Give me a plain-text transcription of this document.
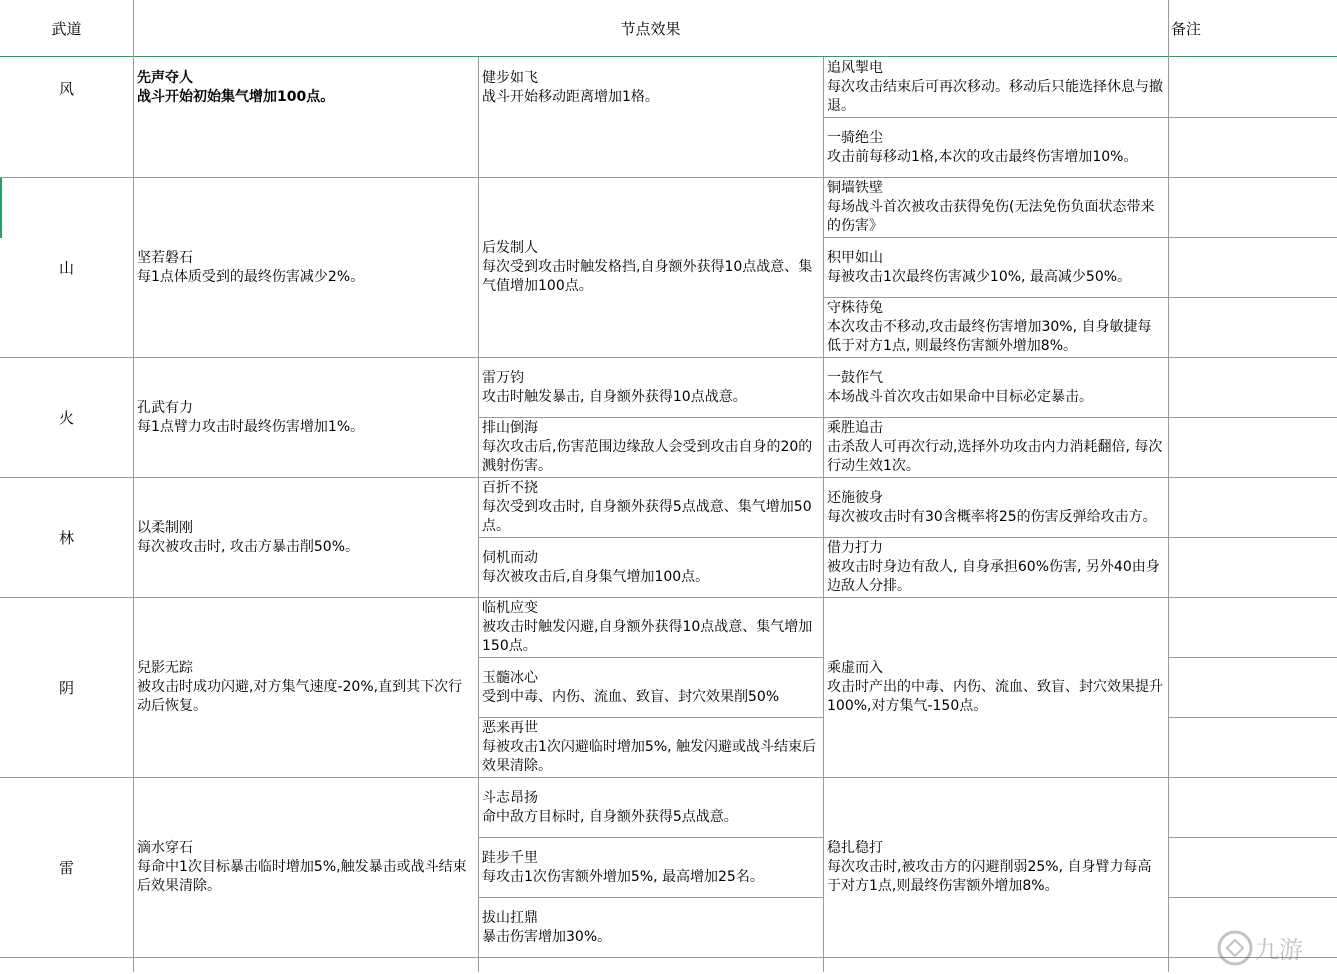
武道	节点效果	备注
风
山
火
林
阴
雷
先声夺人
战斗开始初始集气增加100点。
健步如飞
战斗开始移动距离增加1格。
追风掣电
每次攻击结束后可再次移动。移动后只能选择休息与撤退。
一骑绝尘
攻击前每移动1格,本次的攻击最终伤害增加10%。
坚若磐石
每1点体质受到的最终伤害减少2%。
后发制人
每次受到攻击时触发格挡,自身额外获得10点战意、集气值增加100点。
铜墙铁壁
每场战斗首次被攻击获得免伤(无法免伤负面状态带来的伤害》
积甲如山
每被攻击1次最终伤害减少10%, 最高减少50%。
守株待兔
本次攻击不移动,攻击最终伤害增加30%, 自身敏捷每低于对方1点, 则最终伤害额外增加8%。
孔武有力
每1点臂力攻击时最终伤害增加1%。
雷万钧
攻击时触发暴击, 自身额外获得10点战意。
排山倒海
每次攻击后,伤害范围边缘敌人会受到攻击自身的20的溅射伤害。
一鼓作气
本场战斗首次攻击如果命中目标必定暴击。
乘胜追击
击杀敌人可再次行动,选择外功攻击内力消耗翻倍, 每次行动生效1次。
以柔制刚
每次被攻击时, 攻击方暴击削50%。
百折不挠
每次受到攻击时, 自身额外获得5点战意、集气增加50点。
伺机而动
每次被攻击后,自身集气增加100点。
还施彼身
每次被攻击时有30含概率将25的伤害反弹给攻击方。
借力打力
被攻击时身边有敌人, 自身承担60%伤害, 另外40由身边敌人分排。
兒影无踪
被攻击时成功闪避,对方集气速度-20%,直到其下次行动后恢复。
临机应变
被攻击时触发闪避,自身额外获得10点战意、集气增加150点。
玉髓冰心
受到中毒、内伤、流血、致盲、封穴效果削50%
恶来再世
每被攻击1次闪避临时增加5%, 触发闪避或战斗结束后效果清除。
乘虚而入
攻击时产出的中毒、内伤、流血、致盲、封穴效果提升100%,对方集气-150点。
滴水穿石
每命中1次目标暴击临时增加5%,触发暴击或战斗结束后效果清除。
斗志昂扬
命中敌方目标时, 自身额外获得5点战意。
跬步千里
每攻击1次伤害额外增加5%, 最高增加25名。
拔山扛鼎
暴击伤害增加30%。
稳扎稳打
每次攻击时,被攻击方的闪避削弱25%, 自身臂力每高于对方1点,则最终伤害额外增加8%。
九游
